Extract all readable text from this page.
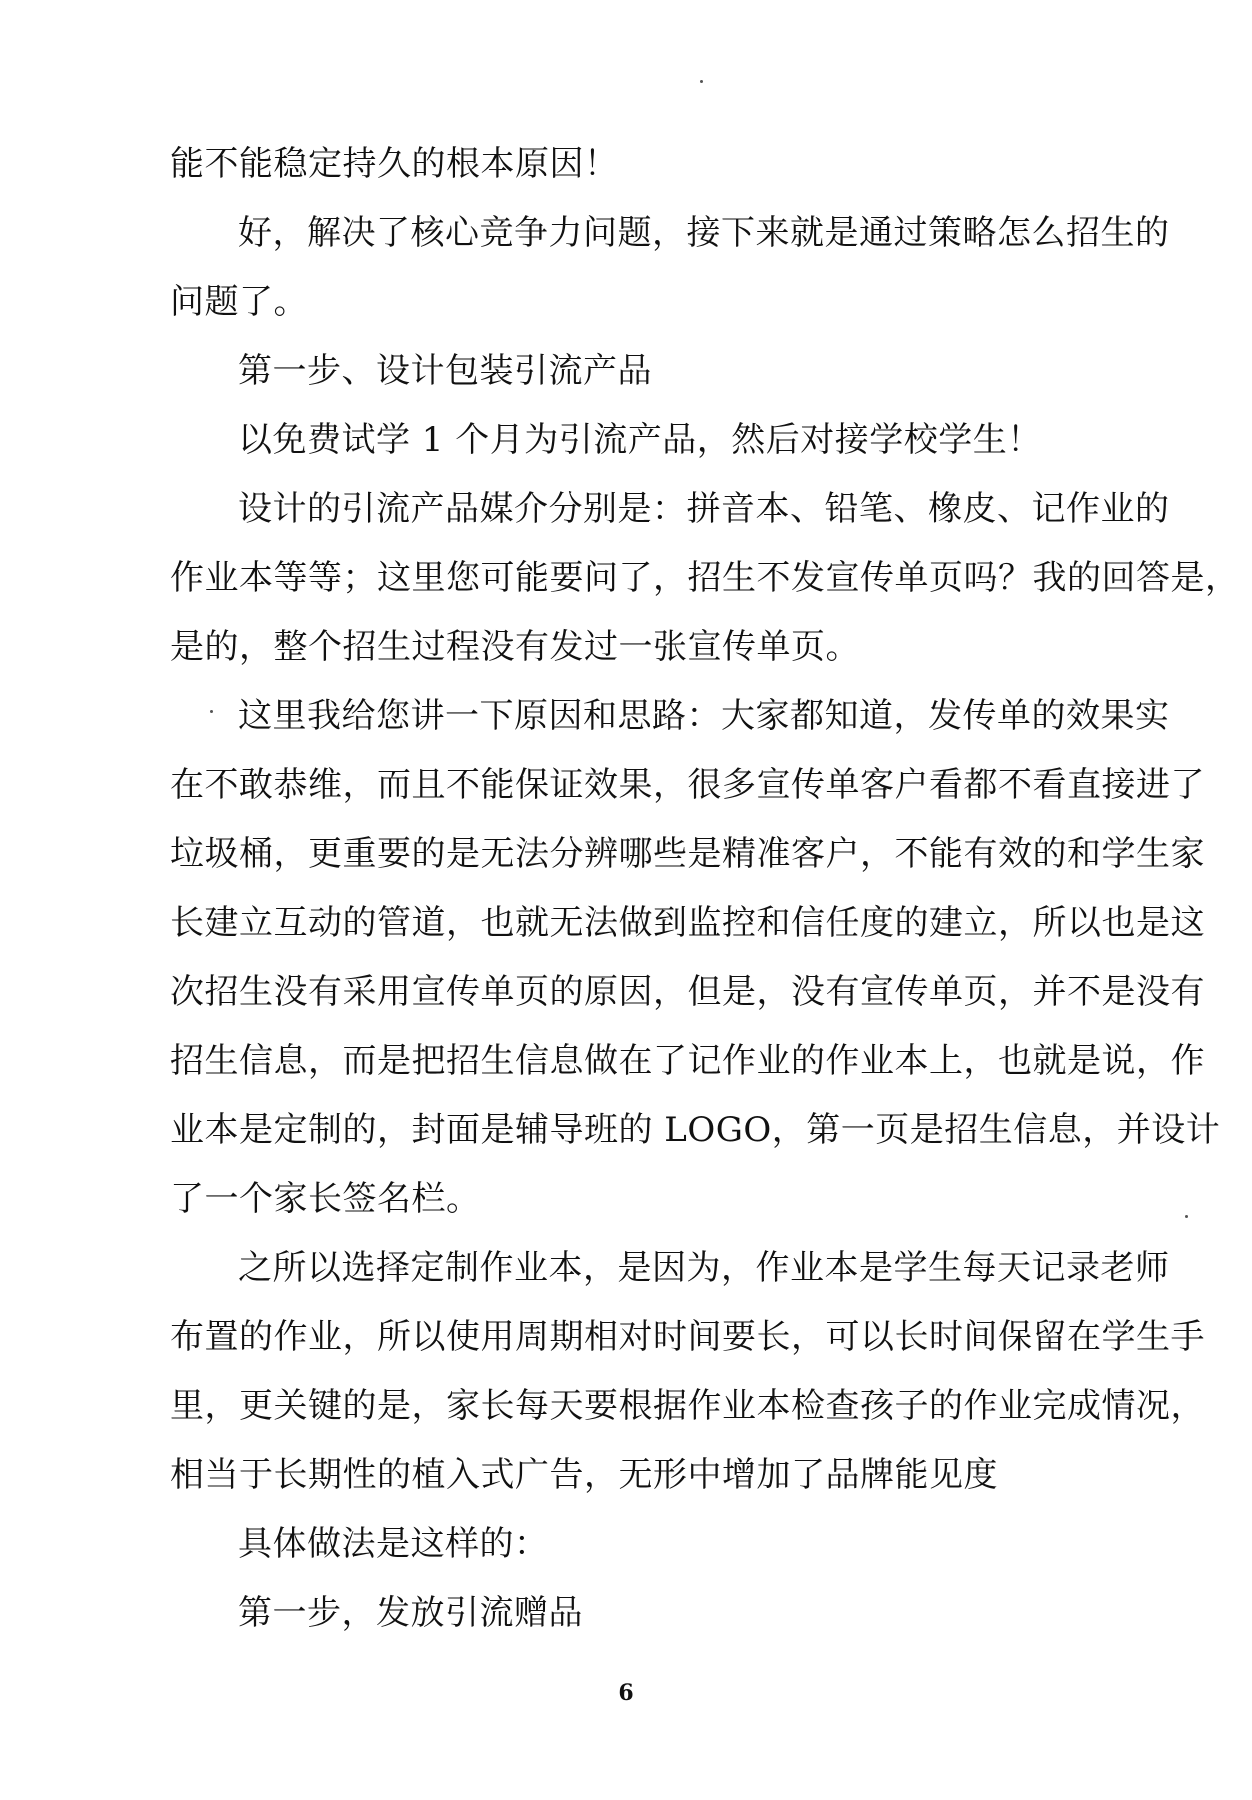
能不能稳定持久的根本原因！
好，解决了核心竞争力问题，接下来就是通过策略怎么招生的
问题了。
第一步、设计包装引流产品
以免费试学 1 个月为引流产品，然后对接学校学生！
设计的引流产品媒介分别是：拼音本、铅笔、橡皮、记作业的
作业本等等；这里您可能要问了，招生不发宣传单页吗？我的回答是，
是的，整个招生过程没有发过一张宣传单页。
这里我给您讲一下原因和思路：大家都知道，发传单的效果实
在不敢恭维，而且不能保证效果，很多宣传单客户看都不看直接进了
垃圾桶，更重要的是无法分辨哪些是精准客户，不能有效的和学生家
长建立互动的管道，也就无法做到监控和信任度的建立，所以也是这
次招生没有采用宣传单页的原因，但是，没有宣传单页，并不是没有
招生信息，而是把招生信息做在了记作业的作业本上，也就是说，作
业本是定制的，封面是辅导班的 LOGO，第一页是招生信息，并设计
了一个家长签名栏。
之所以选择定制作业本，是因为，作业本是学生每天记录老师
布置的作业，所以使用周期相对时间要长，可以长时间保留在学生手
里，更关键的是，家长每天要根据作业本检查孩子的作业完成情况，
相当于长期性的植入式广告，无形中增加了品牌能见度
具体做法是这样的：
第一步，发放引流赠品
6
